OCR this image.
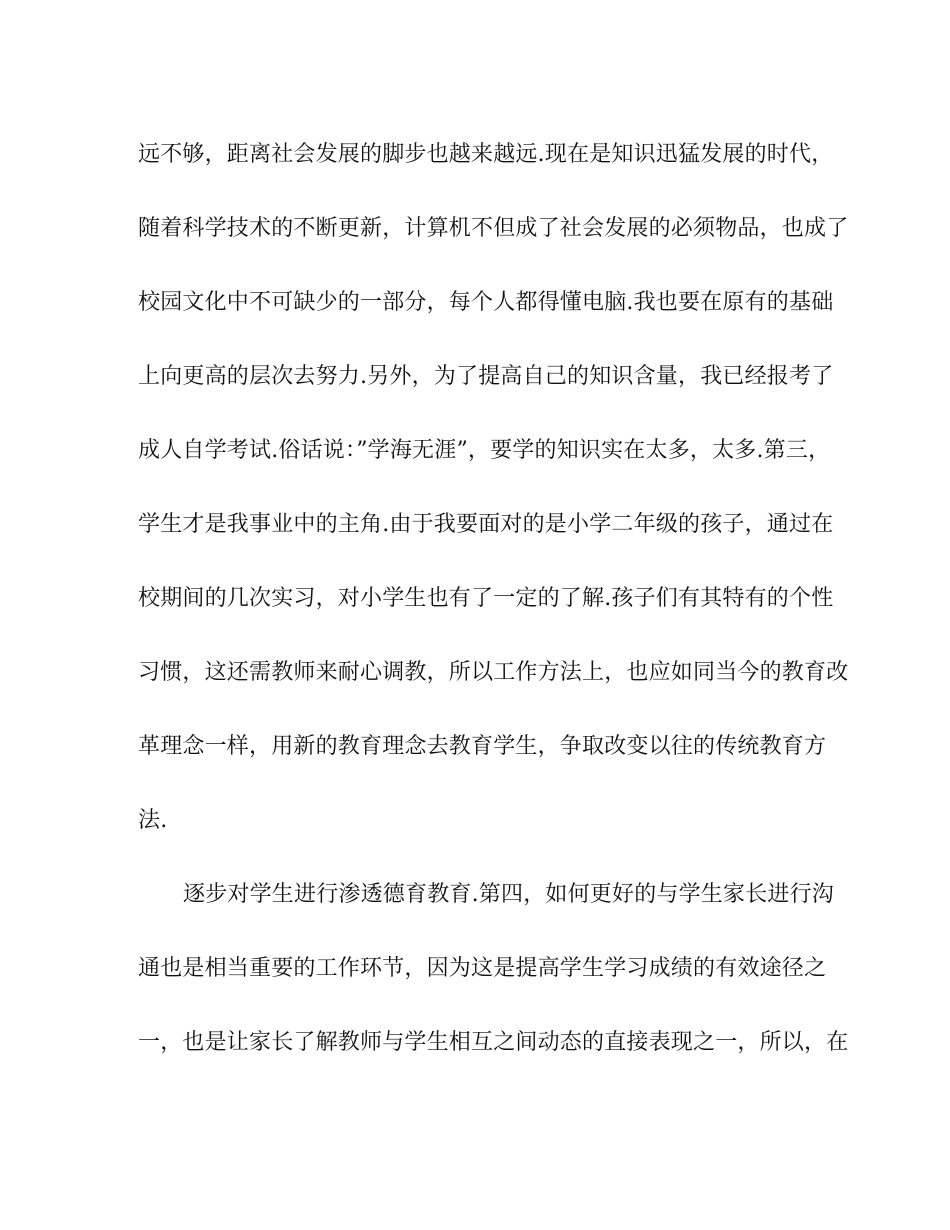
远不够，距离社会发展的脚步也越来越远.现在是知识迅猛发展的时代，
随着科学技术的不断更新，计算机不但成了社会发展的必须物品，也成了
校园文化中不可缺少的一部分，每个人都得懂电脑.我也要在原有的基础
上向更高的层次去努力.另外，为了提高自己的知识含量，我已经报考了
成人自学考试.俗话说：”学海无涯”，要学的知识实在太多，太多.第三，
学生才是我事业中的主角.由于我要面对的是小学二年级的孩子，通过在
校期间的几次实习，对小学生也有了一定的了解.孩子们有其特有的个性
习惯，这还需教师来耐心调教，所以工作方法上，也应如同当今的教育改
革理念一样，用新的教育理念去教育学生，争取改变以往的传统教育方
法.
逐步对学生进行渗透德育教育.第四，如何更好的与学生家长进行沟
通也是相当重要的工作环节，因为这是提高学生学习成绩的有效途径之
一，也是让家长了解教师与学生相互之间动态的直接表现之一，所以，在
